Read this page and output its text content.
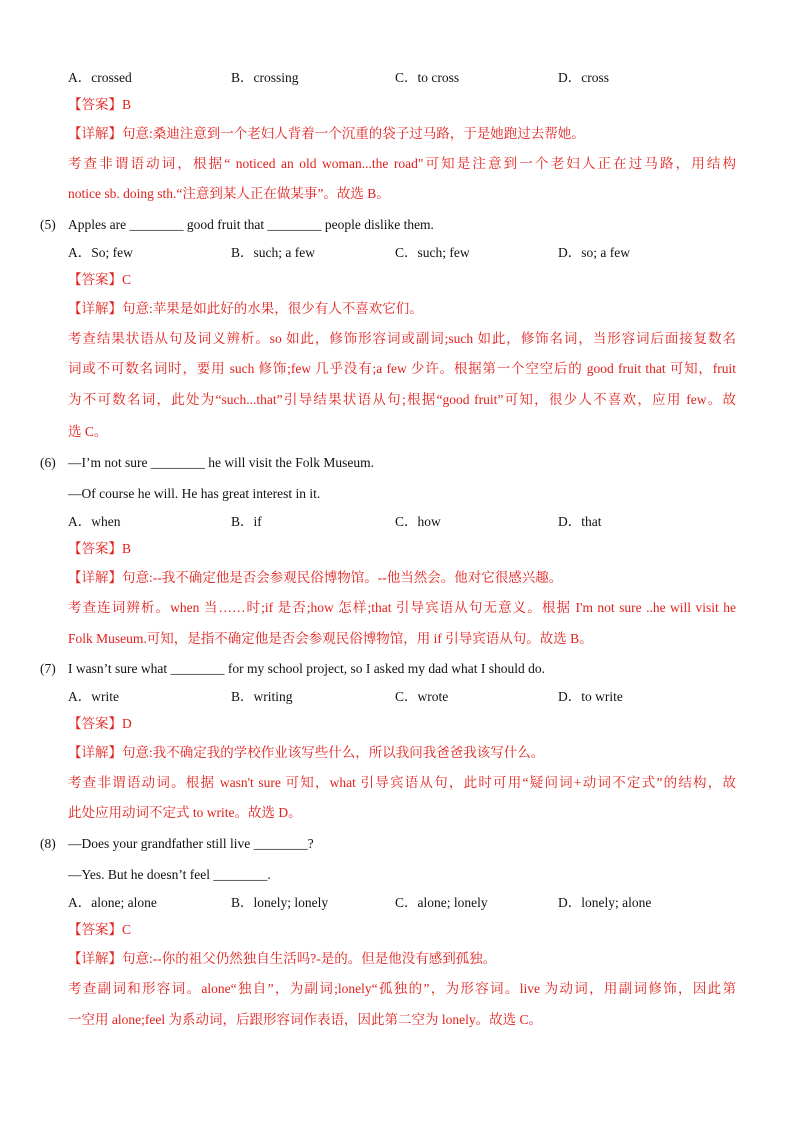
A．crossed	B．crossing	C．to cross	D．cross
【答案】B
【详解】句意:桑迪注意到一个老妇人背着一个沉重的袋子过马路，于是她跑过去帮她。
考查非谓语动词，根据“ noticed an old woman...the road"可知是注意到一个老妇人正在过马路，用结构
notice sb. doing sth.“注意到某人正在做某事”。故选 B。
(5) Apples are ________ good fruit that ________ people dislike them.
A．So; few	B．such; a few	C．such; few	D．so; a few
【答案】C
【详解】句意:苹果是如此好的水果，很少有人不喜欢它们。
考查结果状语从句及词义辨析。so 如此，修饰形容词或副词;such 如此，修饰名词，当形容词后面接复数名
词或不可数名词时，要用 such 修饰;few 几乎没有;a few 少许。根据第一个空空后的 good fruit that 可知，fruit
为不可数名词，此处为“such...that”引导结果状语从句;根据“good fruit”可知，很少人不喜欢，应用 few。故
选 C。
(6) —I’m not sure ________ he will visit the Folk Museum.
—Of course he will. He has great interest in it.
A．when	B．if	C．how	D．that
【答案】B
【详解】句意:--我不确定他是否会参观民俗博物馆。--他当然会。他对它很感兴趣。
考查连词辨析。when 当……时;if 是否;how 怎样;that 引导宾语从句无意义。根据 I'm not sure ..he will visit he
Folk Museum.可知，是指不确定他是否会参观民俗博物馆，用 if 引导宾语从句。故选 B。
(7) I wasn’t sure what ________ for my school project, so I asked my dad what I should do.
A．write	B．writing	C．wrote	D．to write
【答案】D
【详解】句意:我不确定我的学校作业该写些什么，所以我问我爸爸我该写什么。
考查非谓语动词。根据 wasn't sure 可知，what 引导宾语从句，此时可用“疑问词+动词不定式”的结构，故
此处应用动词不定式 to write。故选 D。
(8) —Does your grandfather still live ________?
—Yes. But he doesn’t feel ________.
A．alone; alone	B．lonely; lonely	C．alone; lonely	D．lonely; alone
【答案】C
【详解】句意:--你的祖父仍然独自生活吗?-是的。但是他没有感到孤独。
考查副词和形容词。alone“独自”，为副词;lonely“孤独的”，为形容词。live 为动词，用副词修饰，因此第
一空用 alone;feel 为系动词，后跟形容词作表语，因此第二空为 lonely。故选 C。
